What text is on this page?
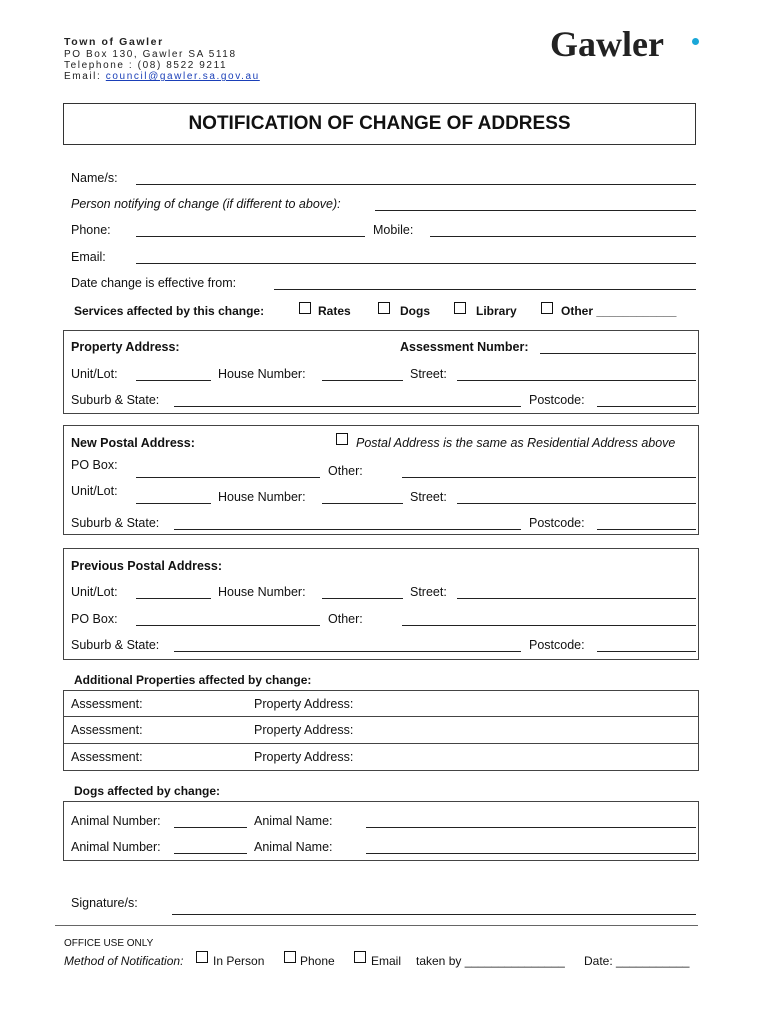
Town of Gawler
PO Box 130, Gawler SA 5118
Telephone : (08) 8522 9211
Email: council@gawler.sa.gov.au
Gawler
NOTIFICATION OF CHANGE OF ADDRESS
Name/s:
Person notifying of change (if different to above):
Phone:	Mobile:
Email:
Date change is effective from:
Services affected by this change:	Rates	Dogs	Library	Other ____________
Property Address:	Assessment Number:
Unit/Lot:	House Number:	Street:
Suburb & State:	Postcode:
New Postal Address:	Postal Address is the same as Residential Address above
PO Box:	Other:
Unit/Lot:	House Number:	Street:
Suburb & State:	Postcode:
Previous Postal Address:
Unit/Lot:	House Number:	Street:
PO Box:	Other:
Suburb & State:	Postcode:
Additional Properties affected by change:
Assessment:	Property Address:
Assessment:	Property Address:
Assessment:	Property Address:
Dogs affected by change:
Animal Number:	Animal Name:
Animal Number:	Animal Name:
Signature/s:
OFFICE USE ONLY
Method of Notification: In Person	Phone	Email taken by _______________ Date: ___________
